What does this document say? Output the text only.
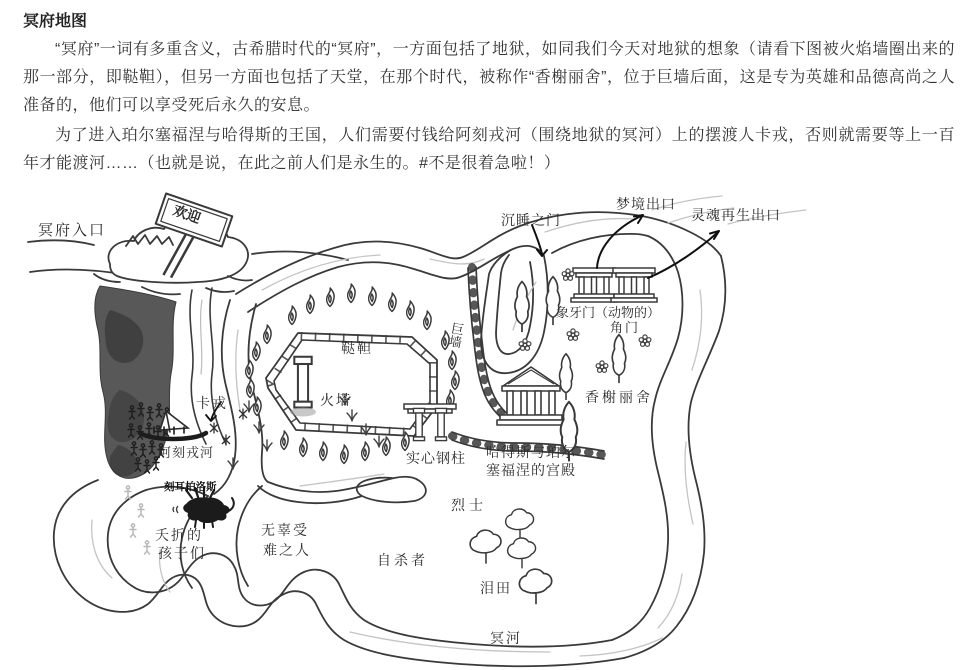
冥府地图

“冥府”一词有多重含义，古希腊时代的“冥府”，一方面包括了地狱，如同我们今天对地狱的想象（请看下图被火焰墙圈出来的那一部分，即鞑靼），但另一方面也包括了天堂，在那个时代，被称作“香榭丽舍”，位于巨墙后面，这是专为英雄和品德高尚之人准备的，他们可以享受死后永久的安息。

为了进入珀尔塞福涅与哈得斯的王国，人们需要付钱给阿刻戎河（围绕地狱的冥河）上的摆渡人卡戎，否则就需要等上一百年才能渡河……（也就是说，在此之前人们是永生的。#不是很着急啦！）

冥府入口
欢迎	沉睡之门
梦境出口
灵魂再生出口
象牙门（动物的）
角门
香榭丽舍
巨墙
鞑靼
火塔
实心钢柱 哈得斯与珀尔
塞福涅的宫殿
烈士
卡戎
阿刻戎河
刻耳柏洛斯
夭折的
孩子们
无辜受
难之人
自杀者
泪田
冥河
